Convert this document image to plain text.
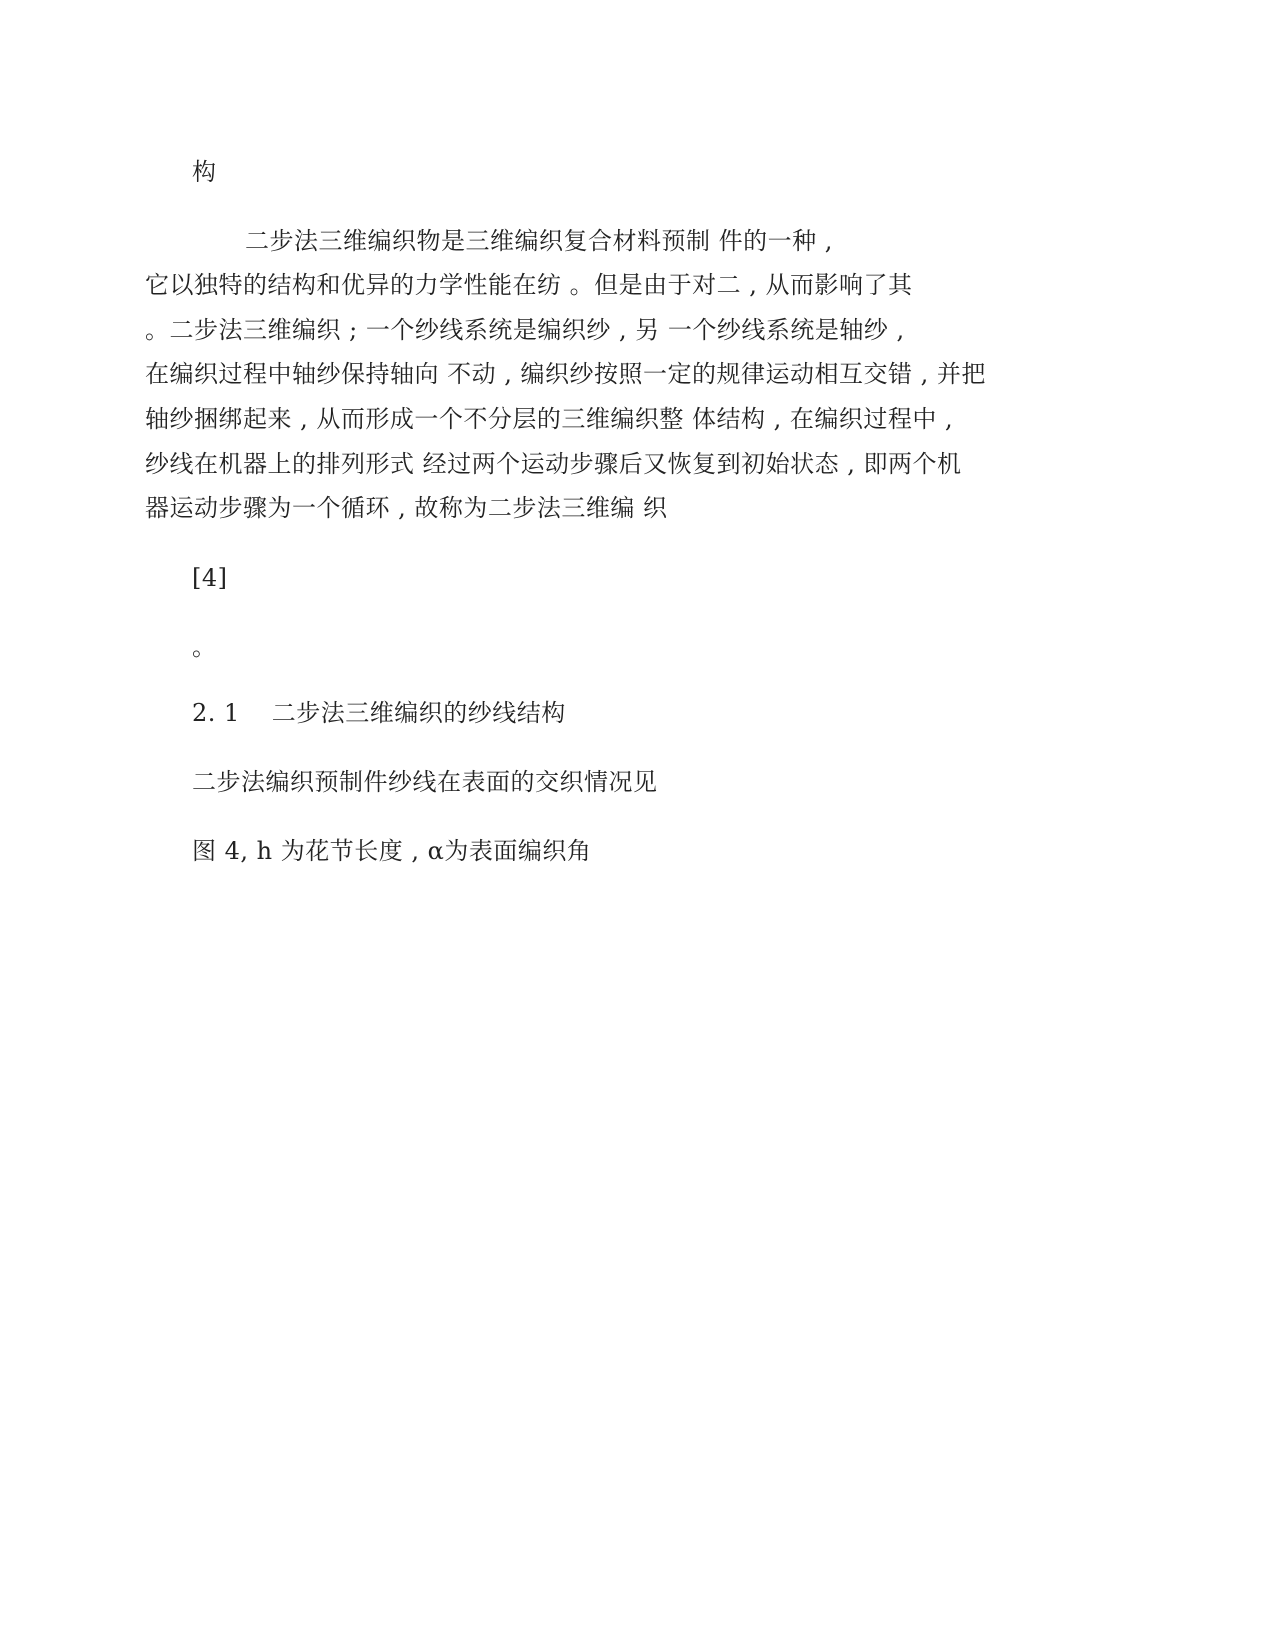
构
二步法三维编织物是三维编织复合材料预制 件的一种 ,
它以独特的结构和优异的力学性能在纺 。但是由于对二 , 从而影响了其
。二步法三维编织 ; 一个纱线系统是编织纱 , 另 一个纱线系统是轴纱 ,
在编织过程中轴纱保持轴向 不动 , 编织纱按照一定的规律运动相互交错 , 并把
轴纱捆绑起来 , 从而形成一个不分层的三维编织整 体结构 , 在编织过程中 ,
纱线在机器上的排列形式 经过两个运动步骤后又恢复到初始状态 , 即两个机
器运动步骤为一个循环 , 故称为二步法三维编 织
[4]
。
2. 1 二步法三维编织的纱线结构
二步法编织预制件纱线在表面的交织情况见
图 4, h 为花节长度 , α为表面编织角
